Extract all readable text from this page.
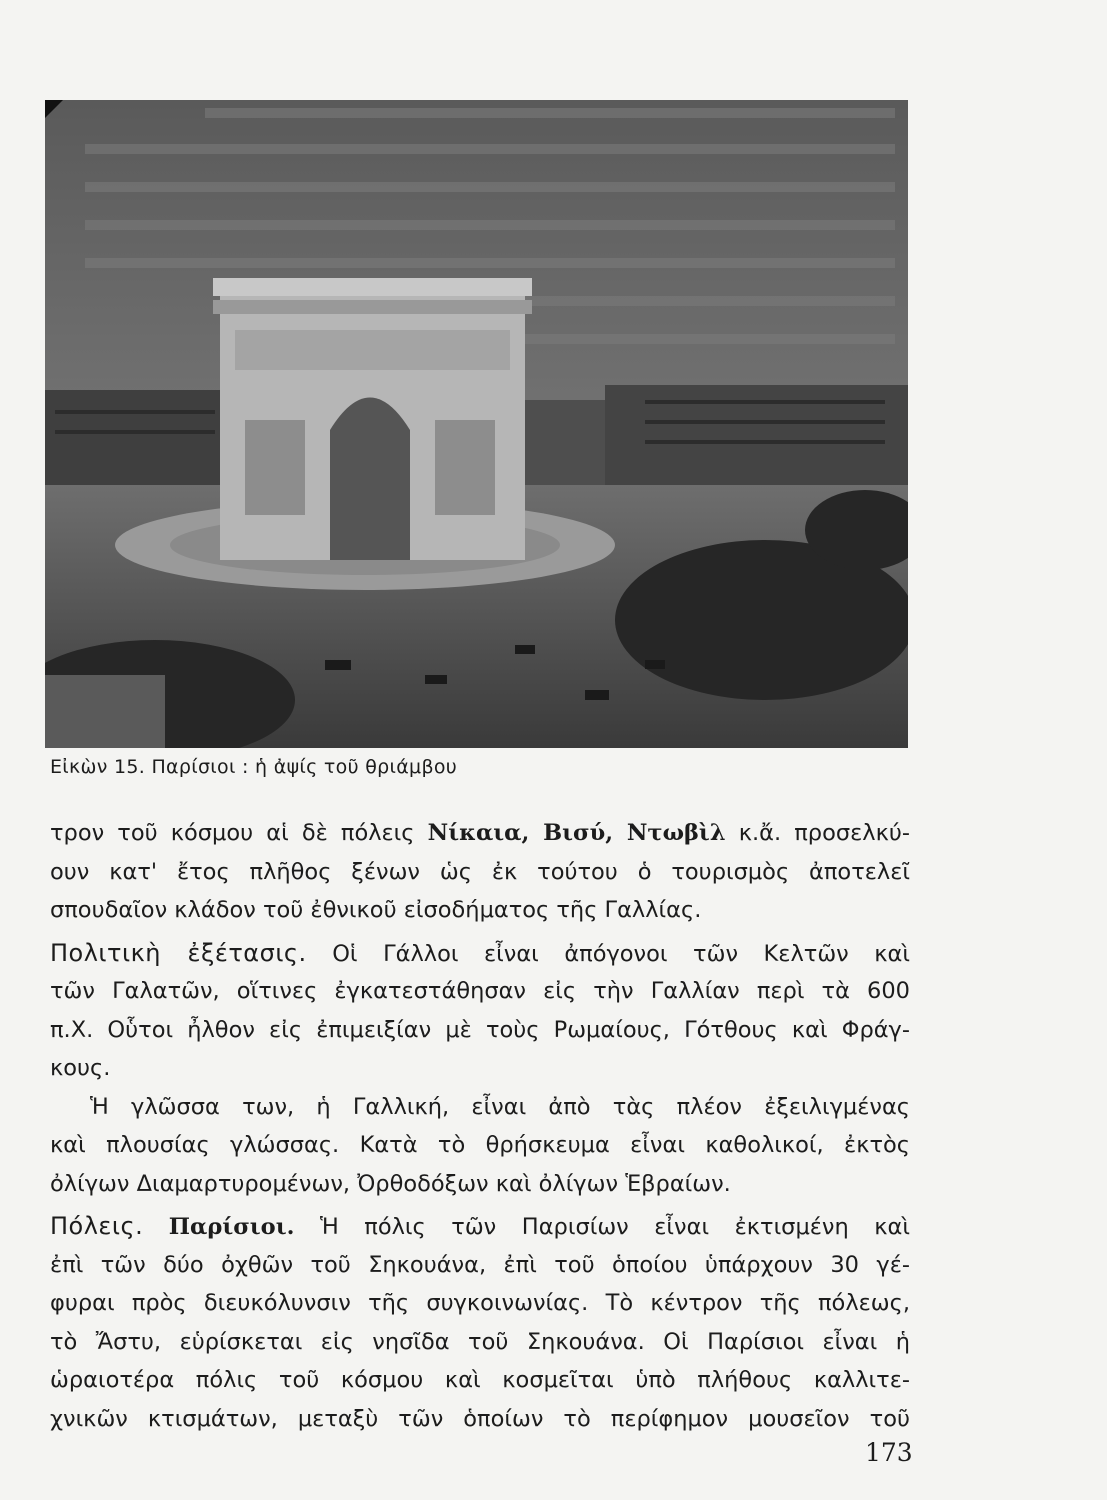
Εἰκὼν 15. Παρίσιοι : ἡ ἀψίς τοῦ θριάμβου
τρον τοῦ κόσμου αἱ δὲ πόλεις Νίκαια, Βισύ, Ντωβὶλ κ.ἄ. προσελκύ-
ουν κατ' ἔτος πλῆθος ξένων ὡς ἐκ τούτου ὁ τουρισμὸς ἀποτελεῖ
σπουδαῖον κλάδον τοῦ ἐθνικοῦ εἰσοδήματος τῆς Γαλλίας.
Πολιτικὴ ἐξέτασις. Οἱ Γάλλοι εἶναι ἀπόγονοι τῶν Κελτῶν καὶ
τῶν Γαλατῶν, οἵτινες ἐγκατεστάθησαν εἰς τὴν Γαλλίαν περὶ τὰ 600
π.Χ. Οὗτοι ἦλθον εἰς ἐπιμειξίαν μὲ τοὺς Ρωμαίους, Γότθους καὶ Φράγ-
κους.
Ἡ γλῶσσα των, ἡ Γαλλική, εἶναι ἀπὸ τὰς πλέον ἐξειλιγμένας
καὶ πλουσίας γλώσσας. Κατὰ τὸ θρήσκευμα εἶναι καθολικοί, ἐκτὸς
ὀλίγων Διαμαρτυρομένων, Ὀρθοδόξων καὶ ὀλίγων Ἑβραίων.
Πόλεις. Παρίσιοι. Ἡ πόλις τῶν Παρισίων εἶναι ἐκτισμένη καὶ
ἐπὶ τῶν δύο ὀχθῶν τοῦ Σηκουάνα, ἐπὶ τοῦ ὁποίου ὑπάρχουν 30 γέ-
φυραι πρὸς διευκόλυνσιν τῆς συγκοινωνίας. Τὸ κέντρον τῆς πόλεως,
τὸ Ἄστυ, εὑρίσκεται εἰς νησῖδα τοῦ Σηκουάνα. Οἱ Παρίσιοι εἶναι ἡ
ὡραιοτέρα πόλις τοῦ κόσμου καὶ κοσμεῖται ὑπὸ πλήθους καλλιτε-
χνικῶν κτισμάτων, μεταξὺ τῶν ὁποίων τὸ περίφημον μουσεῖον τοῦ
173
